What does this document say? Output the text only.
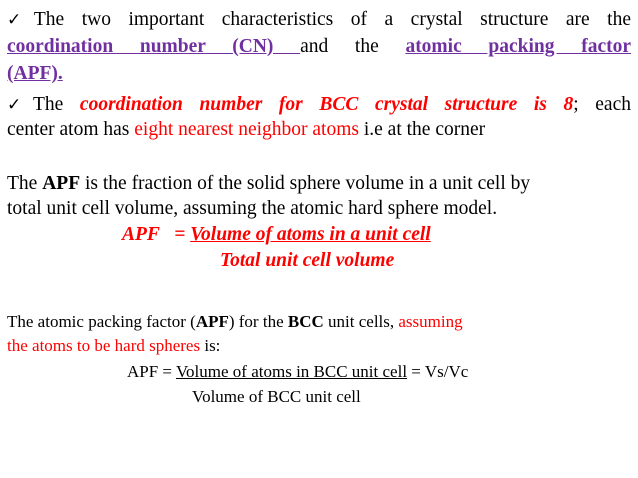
✓The two important characteristics of a crystal structure are the

coordination number (CN) and the atomic packing factor

(APF).

✓The coordination number for BCC crystal structure is 8; each

center atom has eight nearest neighbor atoms i.e at the corner

The APF is the fraction of the solid sphere volume in a unit cell by

total unit cell volume, assuming the atomic hard sphere model.

APF   = Volume of atoms in a unit cell

Total unit cell volume

The atomic packing factor (APF) for the BCC unit cells, assuming

the atoms to be hard spheres is:

APF = Volume of atoms in BCC unit cell = Vs/Vc

Volume of BCC unit cell
